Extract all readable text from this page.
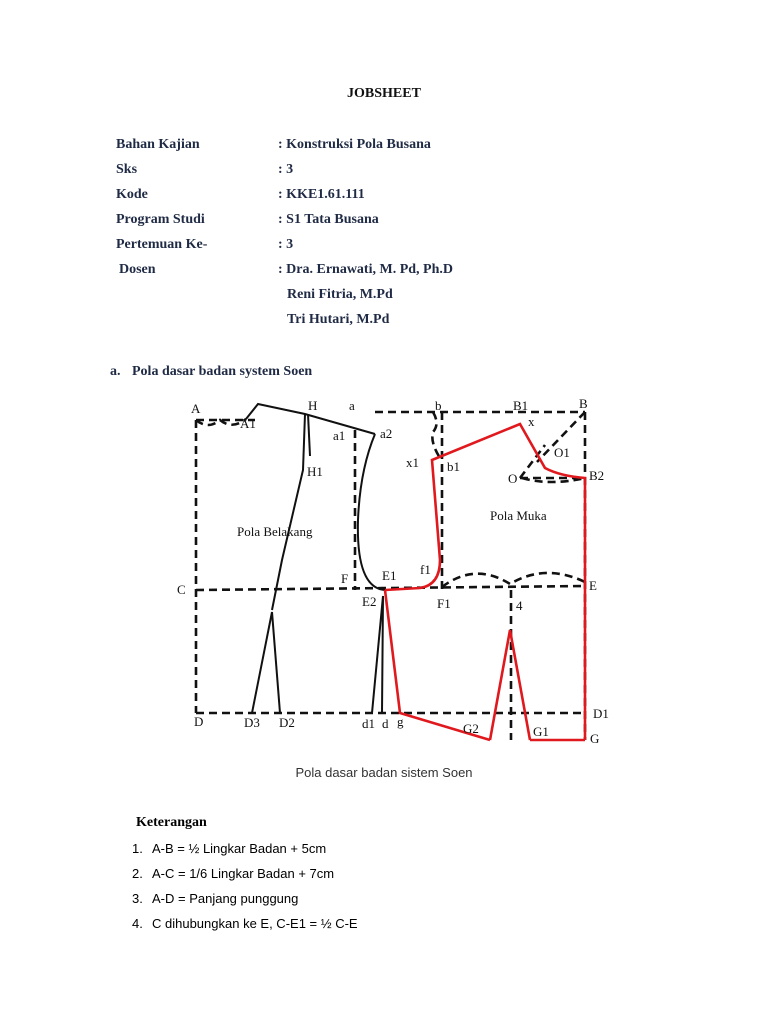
JOBSHEET
Bahan Kajian	: Konstruksi Pola Busana
Sks	: 3
Kode	: KKE1.61.111
Program Studi	: S1 Tata Busana
Pertemuan Ke-	: 3
Dosen	: Dra. Ernawati, M. Pd, Ph.D
Reni Fitria, M.Pd
Tri Hutari, M.Pd
a. Pola dasar badan system Soen
A
A1
H
H1
a
a1	a2
b
b1
x1
B1	B
x
O1
O	B2
C
F	E1 f1
E
E2	F1	4
D	D3 D2	d1 d g	G2	G1
D1
G
Pola Belakang
Pola Muka
Pola dasar badan sistem Soen
Keterangan
1. A-B = ½ Lingkar Badan + 5cm
2. A-C = 1/6 Lingkar Badan + 7cm
3. A-D = Panjang punggung
4. C dihubungkan ke E, C-E1 = ½ C-E
